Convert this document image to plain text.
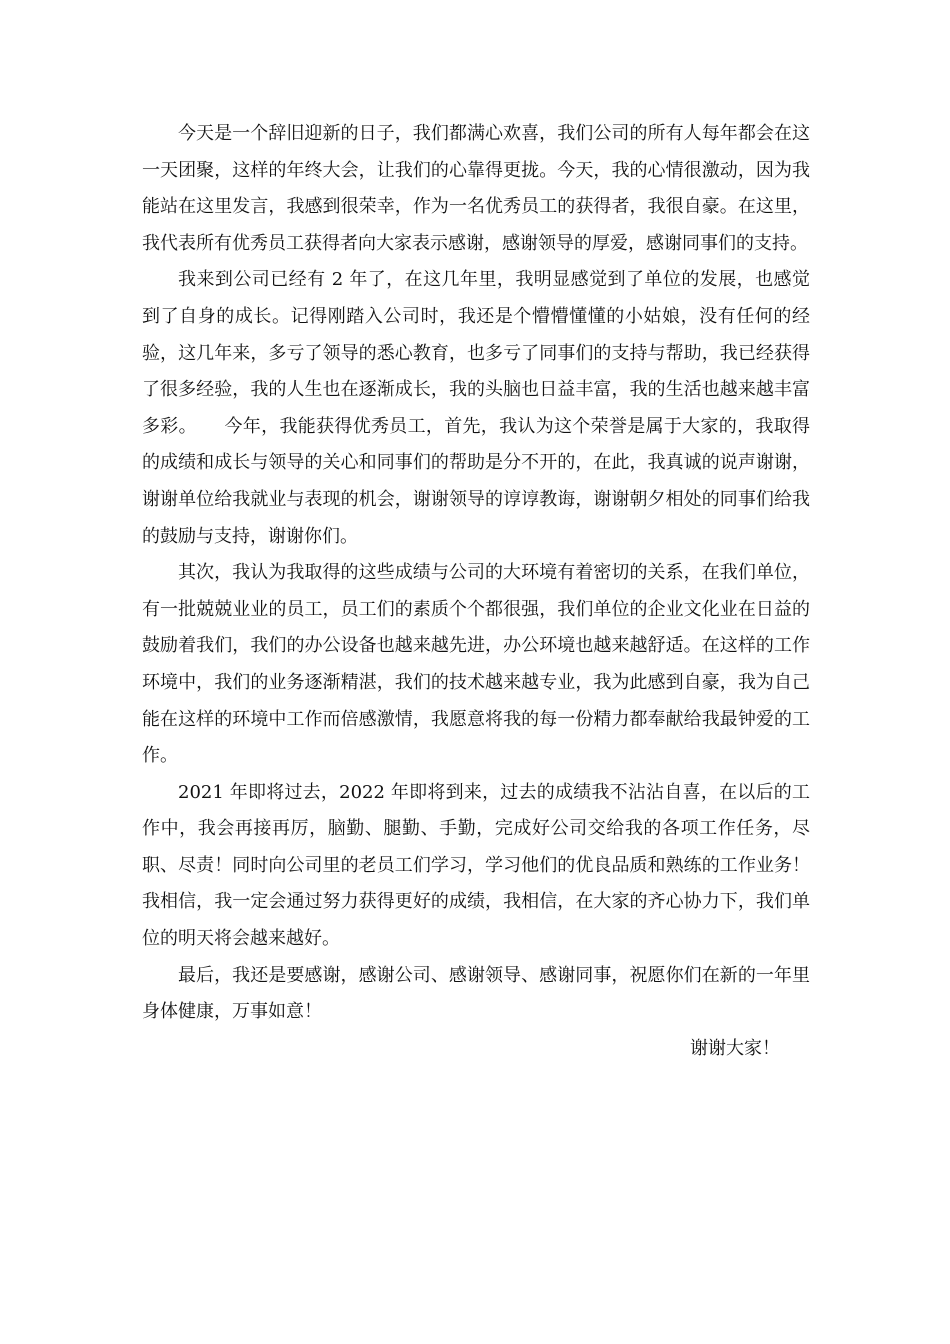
今天是一个辞旧迎新的日子，我们都满心欢喜，我们公司的所有人每年都会在这一天团聚，这样的年终大会，让我们的心靠得更拢。今天，我的心情很激动，因为我能站在这里发言，我感到很荣幸，作为一名优秀员工的获得者，我很自豪。在这里，我代表所有优秀员工获得者向大家表示感谢，感谢领导的厚爱，感谢同事们的支持。

我来到公司已经有 2 年了，在这几年里，我明显感觉到了单位的发展，也感觉到了自身的成长。记得刚踏入公司时，我还是个懵懵懂懂的小姑娘，没有任何的经验，这几年来，多亏了领导的悉心教育，也多亏了同事们的支持与帮助，我已经获得了很多经验，我的人生也在逐渐成长，我的头脑也日益丰富，我的生活也越来越丰富多彩。　　今年，我能获得优秀员工，首先，我认为这个荣誉是属于大家的，我取得的成绩和成长与领导的关心和同事们的帮助是分不开的，在此，我真诚的说声谢谢，谢谢单位给我就业与表现的机会，谢谢领导的谆谆教诲，谢谢朝夕相处的同事们给我的鼓励与支持，谢谢你们。

其次，我认为我取得的这些成绩与公司的大环境有着密切的关系，在我们单位，有一批兢兢业业的员工，员工们的素质个个都很强，我们单位的企业文化业在日益的鼓励着我们，我们的办公设备也越来越先进，办公环境也越来越舒适。在这样的工作环境中，我们的业务逐渐精湛，我们的技术越来越专业，我为此感到自豪，我为自己能在这样的环境中工作而倍感激情，我愿意将我的每一份精力都奉献给我最钟爱的工作。

2021 年即将过去，2022 年即将到来，过去的成绩我不沾沾自喜，在以后的工作中，我会再接再厉，脑勤、腿勤、手勤，完成好公司交给我的各项工作任务，尽职、尽责！同时向公司里的老员工们学习，学习他们的优良品质和熟练的工作业务！　我相信，我一定会通过努力获得更好的成绩，我相信，在大家的齐心协力下，我们单位的明天将会越来越好。

最后，我还是要感谢，感谢公司、感谢领导、感谢同事，祝愿你们在新的一年里身体健康，万事如意！

谢谢大家！
